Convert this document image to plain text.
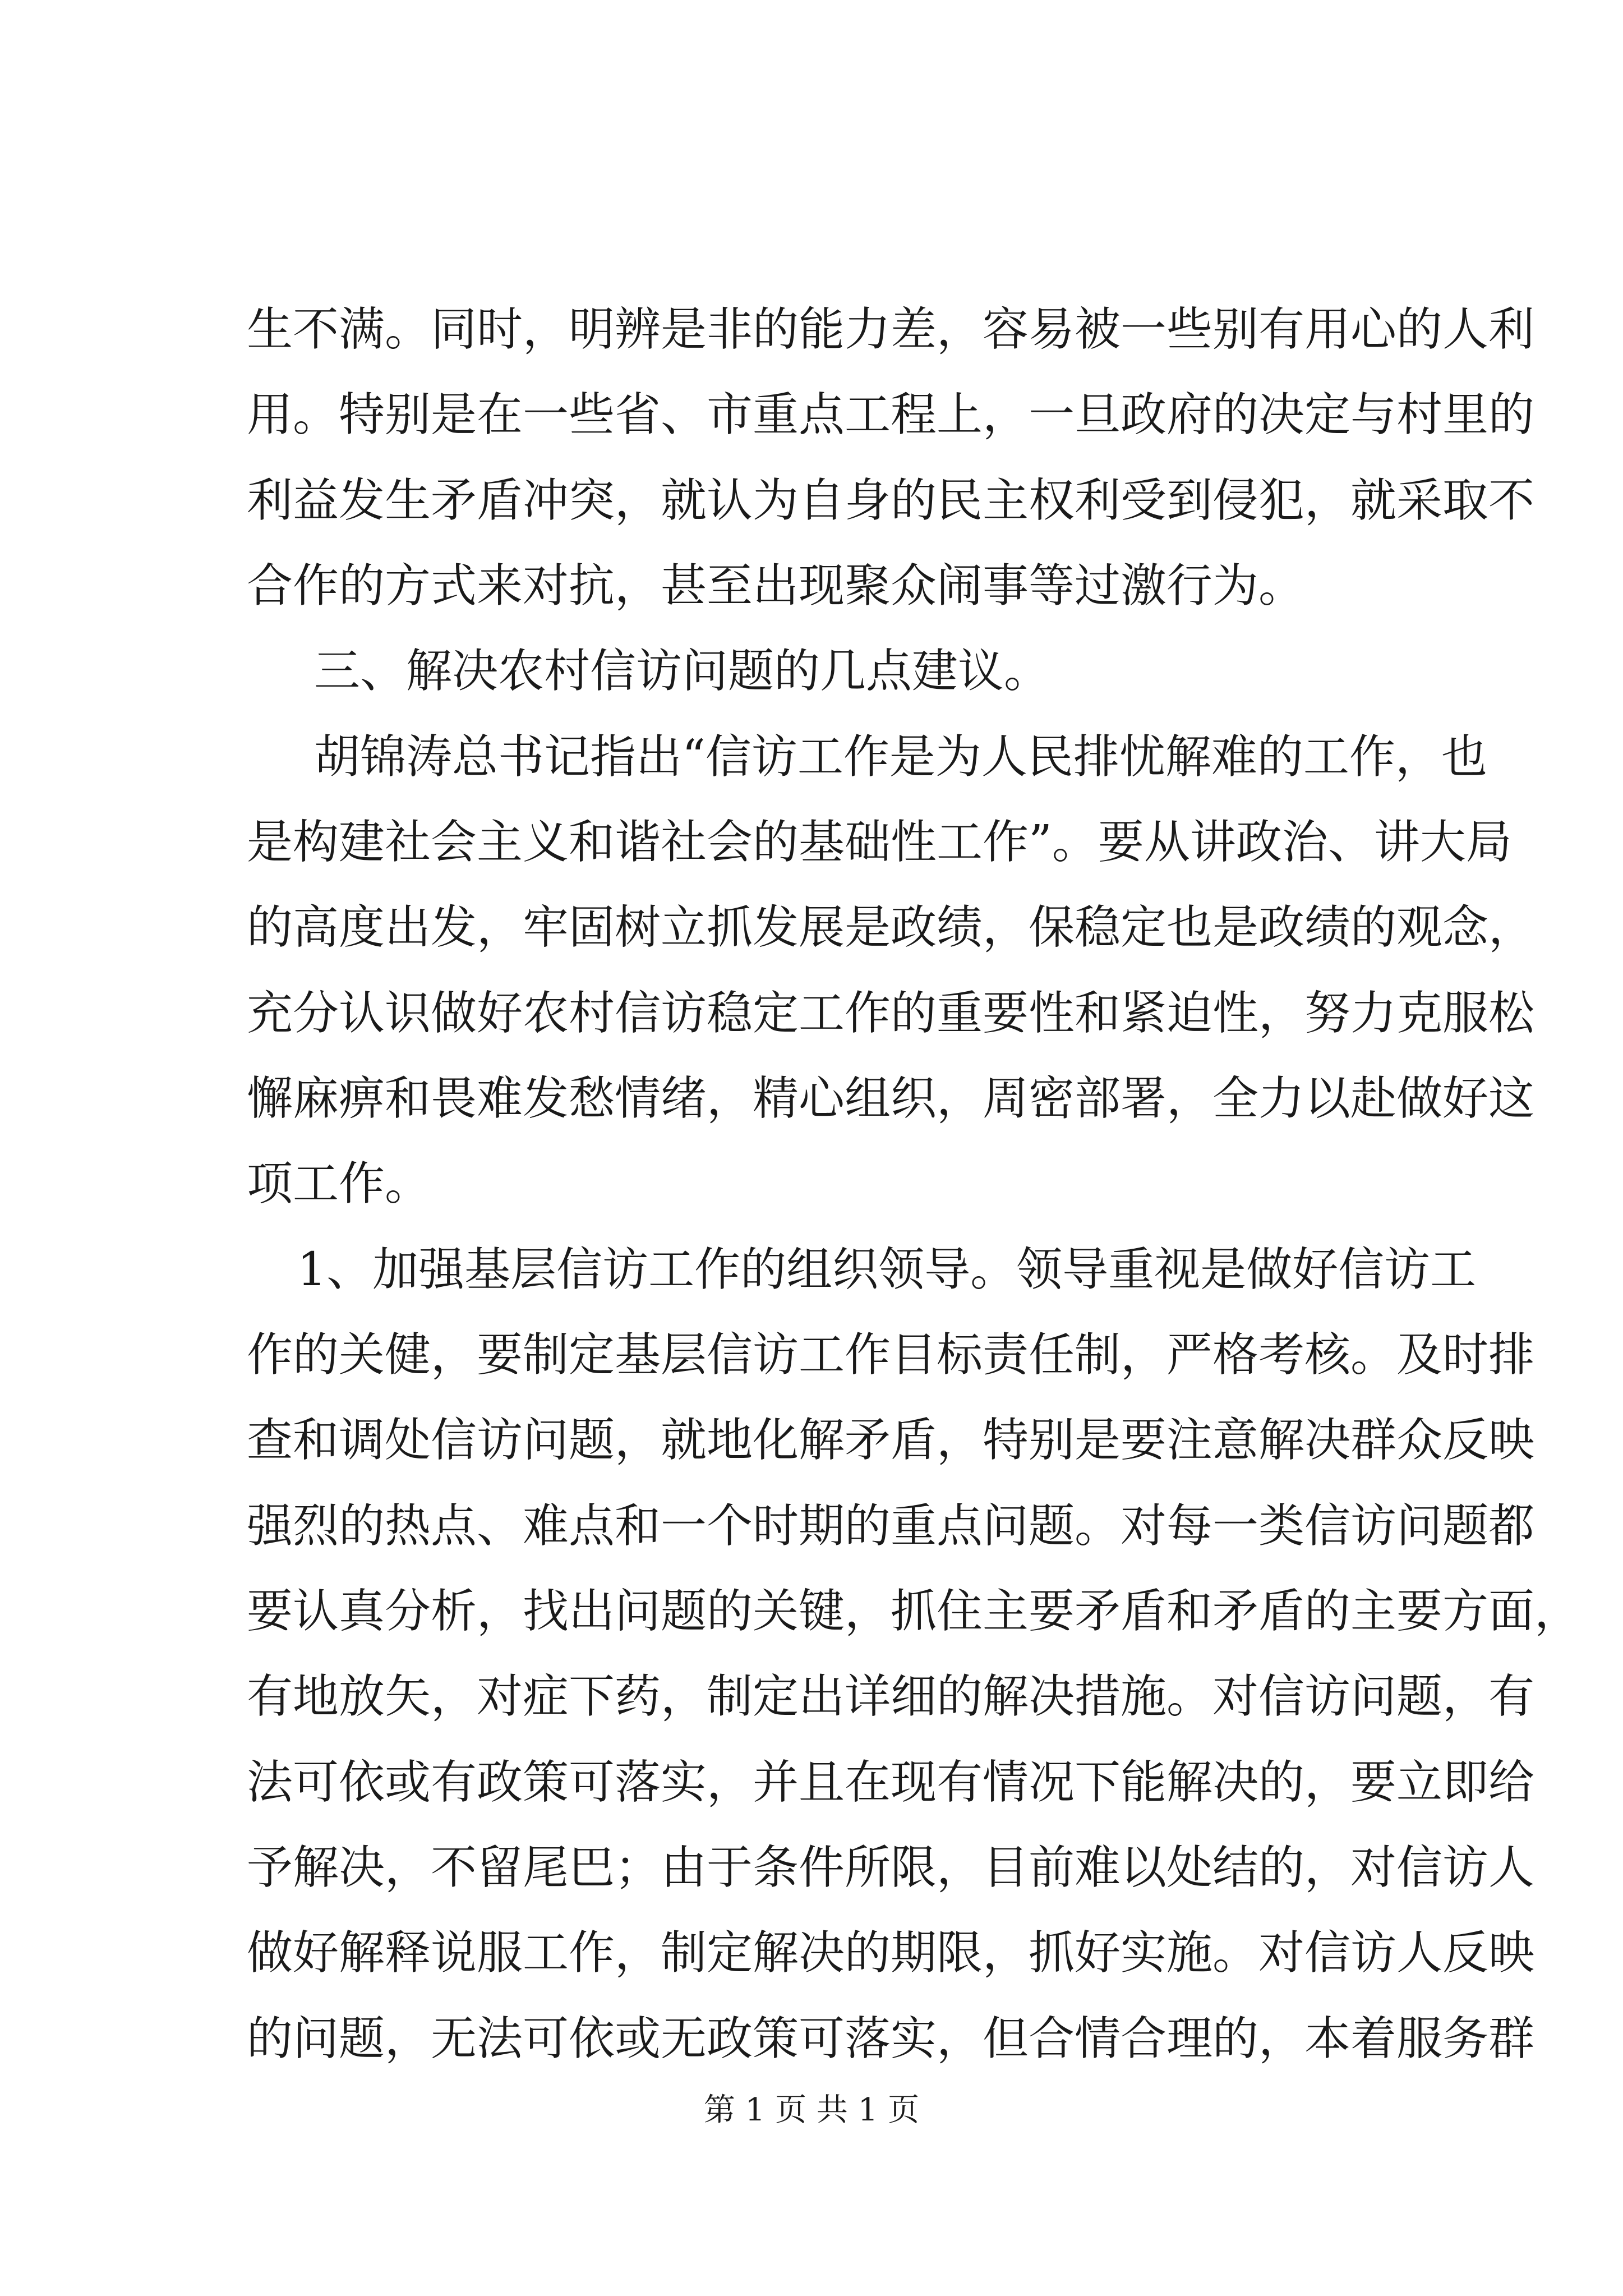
生不满。同时，明辨是非的能力差，容易被一些别有用心的人利
用。特别是在一些省、市重点工程上，一旦政府的决定与村里的
利益发生矛盾冲突，就认为自身的民主权利受到侵犯，就采取不
合作的方式来对抗，甚至出现聚众闹事等过激行为。
三、解决农村信访问题的几点建议。
胡锦涛总书记指出“信访工作是为人民排忧解难的工作，也
是构建社会主义和谐社会的基础性工作”。要从讲政治、讲大局
的高度出发，牢固树立抓发展是政绩，保稳定也是政绩的观念，
充分认识做好农村信访稳定工作的重要性和紧迫性，努力克服松
懈麻痹和畏难发愁情绪，精心组织，周密部署，全力以赴做好这
项工作。
1、加强基层信访工作的组织领导。领导重视是做好信访工
作的关健，要制定基层信访工作目标责任制，严格考核。及时排
查和调处信访问题，就地化解矛盾，特别是要注意解决群众反映
强烈的热点、难点和一个时期的重点问题。对每一类信访问题都
要认真分析，找出问题的关键，抓住主要矛盾和矛盾的主要方面，
有地放矢，对症下药，制定出详细的解决措施。对信访问题，有
法可依或有政策可落实，并且在现有情况下能解决的，要立即给
予解决，不留尾巴；由于条件所限，目前难以处结的，对信访人
做好解释说服工作，制定解决的期限，抓好实施。对信访人反映
的问题，无法可依或无政策可落实，但合情合理的，本着服务群
第 1 页 共 1 页
